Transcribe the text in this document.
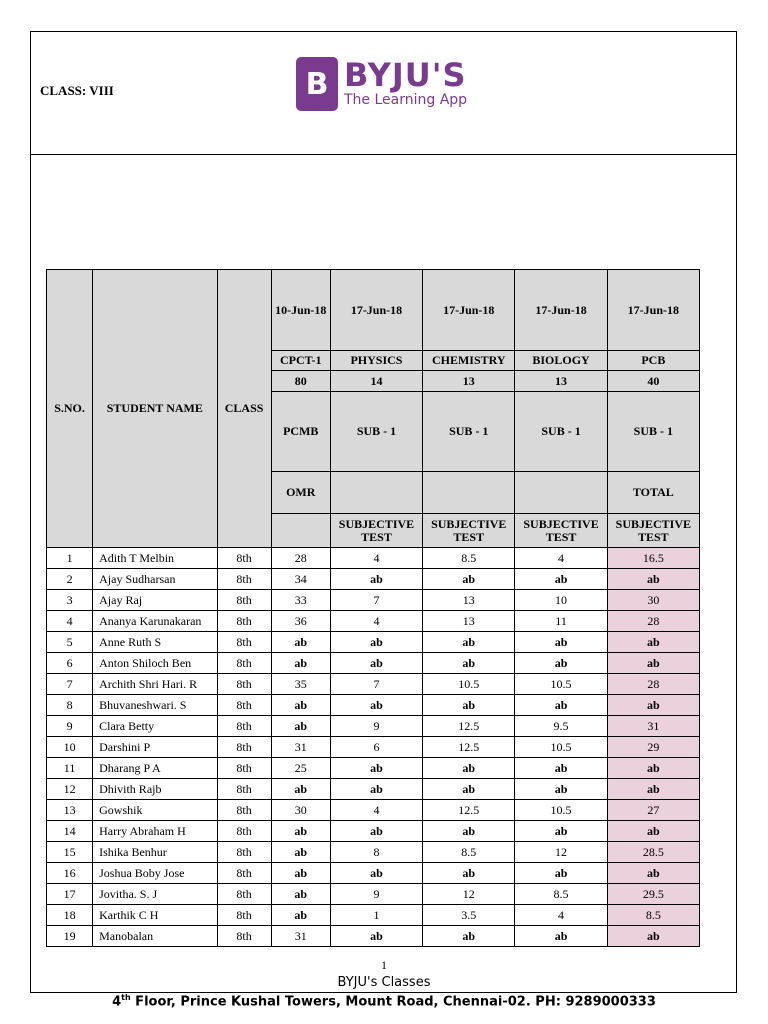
CLASS: VIII	B BYJU'S
The Learning App
S.NO.	STUDENT NAME	CLASS	10-Jun-18	17-Jun-18	17-Jun-18	17-Jun-18	17-Jun-18
			CPCT-1	PHYSICS	CHEMISTRY	BIOLOGY	PCB
			80	14	13	13	40
			PCMB	SUB - 1	SUB - 1	SUB - 1	SUB - 1
			OMR				TOTAL
				SUBJECTIVE TEST	SUBJECTIVE TEST	SUBJECTIVE TEST	SUBJECTIVE TEST
1	Adith T Melbin	8th	28	4	8.5	4	16.5
2	Ajay Sudharsan	8th	34	ab	ab	ab	ab
3	Ajay Raj	8th	33	7	13	10	30
4	Ananya Karunakaran	8th	36	4	13	11	28
5	Anne Ruth S	8th	ab	ab	ab	ab	ab
6	Anton Shiloch Ben	8th	ab	ab	ab	ab	ab
7	Archith Shri Hari. R	8th	35	7	10.5	10.5	28
8	Bhuvaneshwari. S	8th	ab	ab	ab	ab	ab
9	Clara Betty	8th	ab	9	12.5	9.5	31
10	Darshini P	8th	31	6	12.5	10.5	29
11	Dharang P A	8th	25	ab	ab	ab	ab
12	Dhivith Rajb	8th	ab	ab	ab	ab	ab
13	Gowshik	8th	30	4	12.5	10.5	27
14	Harry Abraham H	8th	ab	ab	ab	ab	ab
15	Ishika Benhur	8th	ab	8	8.5	12	28.5
16	Joshua Boby Jose	8th	ab	ab	ab	ab	ab
17	Jovitha. S. J	8th	ab	9	12	8.5	29.5
18	Karthik C H	8th	ab	1	3.5	4	8.5
19	Manobalan	8th	31	ab	ab	ab	ab
1
BYJU's Classes
4th Floor, Prince Kushal Towers, Mount Road, Chennai-02. PH: 9289000333
